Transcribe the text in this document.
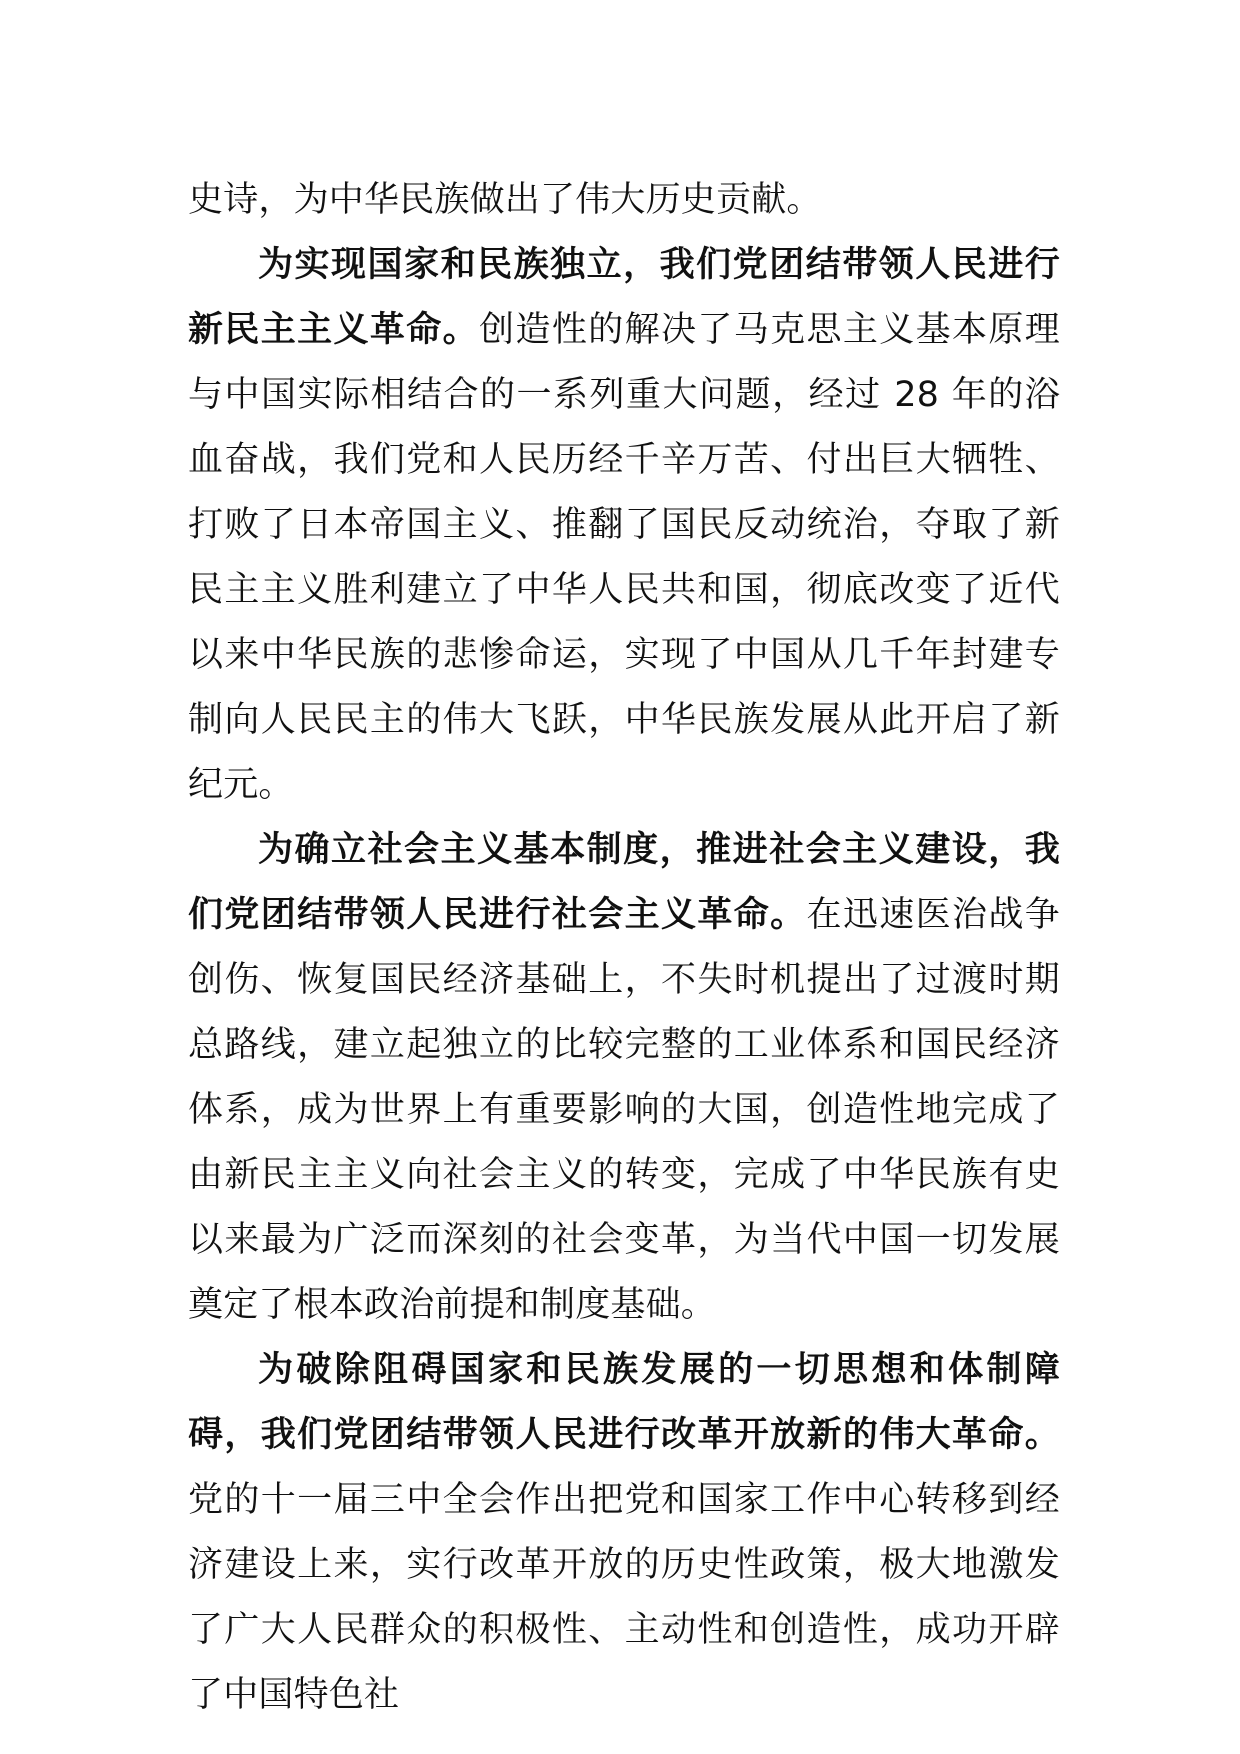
史诗，为中华民族做出了伟大历史贡献。

为实现国家和民族独立，我们党团结带领人民进行新民主主义革命。创造性的解决了马克思主义基本原理与中国实际相结合的一系列重大问题，经过 28 年的浴血奋战，我们党和人民历经千辛万苦、付出巨大牺牲、打败了日本帝国主义、推翻了国民反动统治，夺取了新民主主义胜利建立了中华人民共和国，彻底改变了近代以来中华民族的悲惨命运，实现了中国从几千年封建专制向人民民主的伟大飞跃，中华民族发展从此开启了新纪元。

为确立社会主义基本制度，推进社会主义建设，我们党团结带领人民进行社会主义革命。在迅速医治战争创伤、恢复国民经济基础上，不失时机提出了过渡时期总路线，建立起独立的比较完整的工业体系和国民经济体系，成为世界上有重要影响的大国，创造性地完成了由新民主主义向社会主义的转变，完成了中华民族有史以来最为广泛而深刻的社会变革，为当代中国一切发展奠定了根本政治前提和制度基础。

为破除阻碍国家和民族发展的一切思想和体制障碍，我们党团结带领人民进行改革开放新的伟大革命。党的十一届三中全会作出把党和国家工作中心转移到经济建设上来，实行改革开放的历史性政策，极大地激发了广大人民群众的积极性、主动性和创造性，成功开辟了中国特色社
